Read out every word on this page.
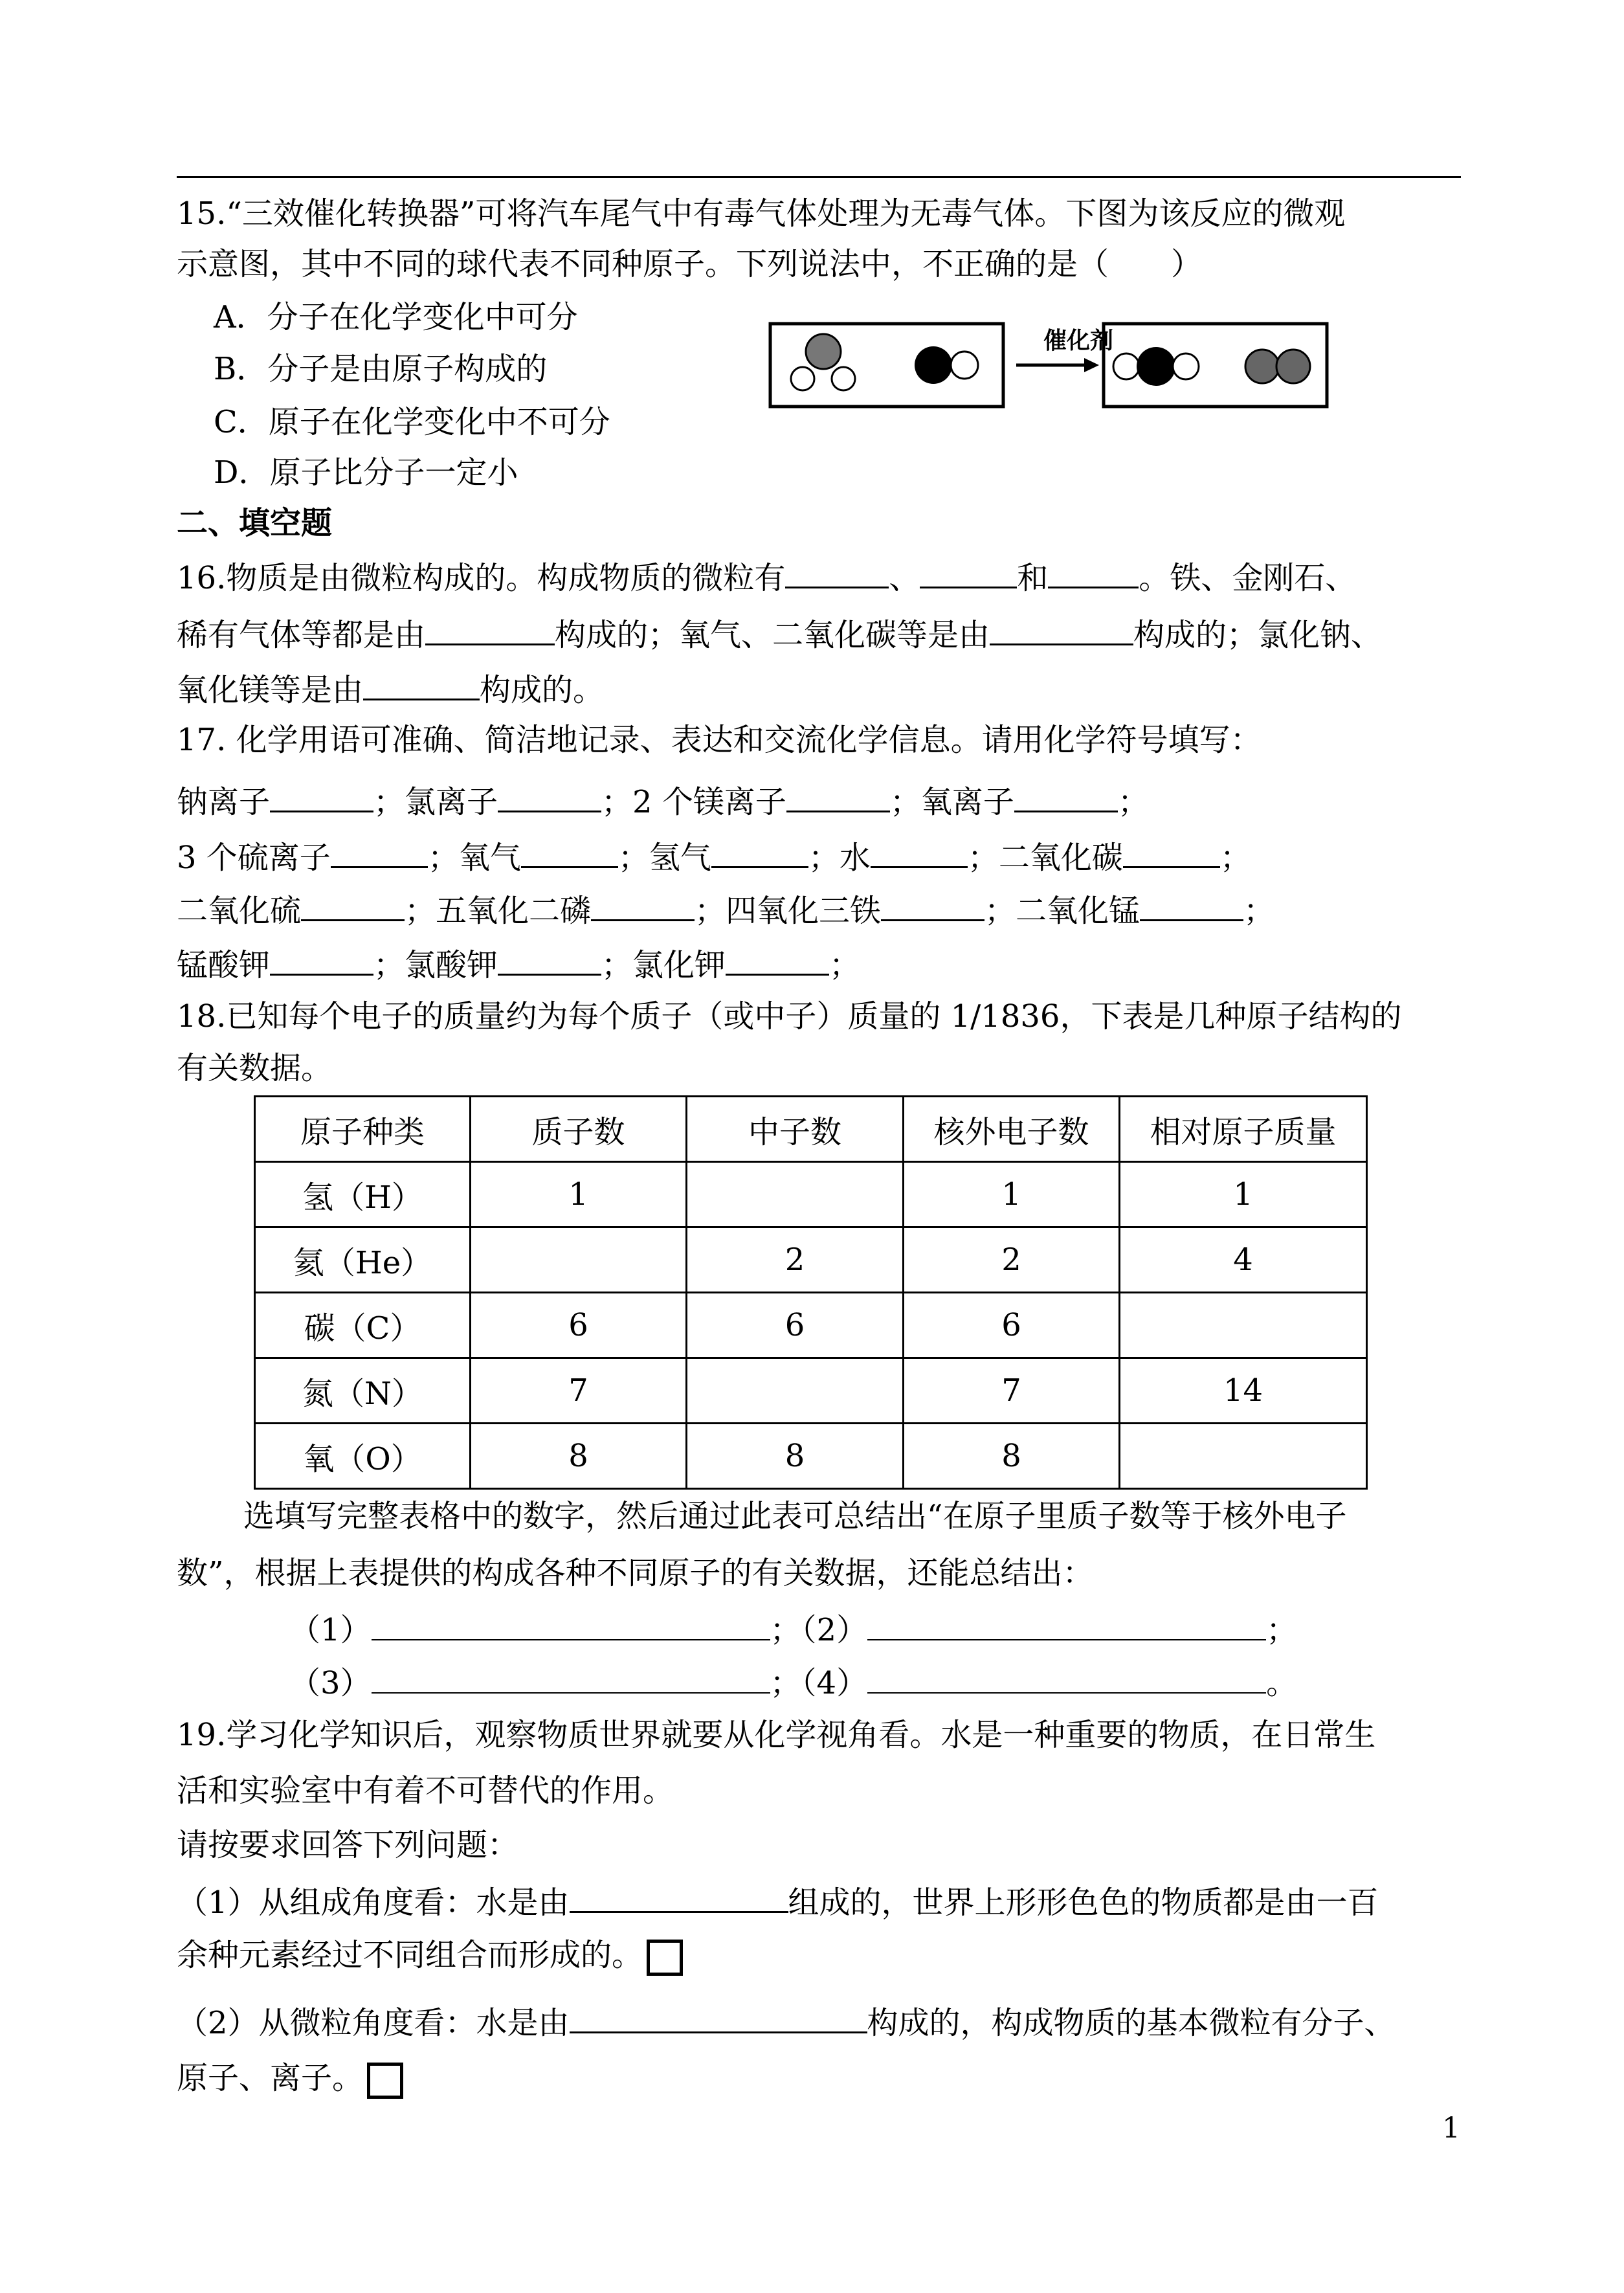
15.“三效催化转换器”可将汽车尾气中有毒气体处理为无毒气体。下图为该反应的微观
示意图，其中不同的球代表不同种原子。下列说法中，不正确的是（　　）
A．分子在化学变化中可分
B．分子是由原子构成的
C．原子在化学变化中不可分
D．原子比分子一定小
催化剂
二、填空题
16.物质是由微粒构成的。构成物质的微粒有	、	和	。铁、金刚石、
稀有气体等都是由	构成的；氧气、二氧化碳等是由	构成的；氯化钠、
氧化镁等是由	构成的。
17. 化学用语可准确、简洁地记录、表达和交流化学信息。请用化学符号填写：
钠离子	；氯离子	；2 个镁离子	；氧离子	；
3 个硫离子	；氧气	；氢气	；水	；二氧化碳	；
二氧化硫	；五氧化二磷	；四氧化三铁	；二氧化锰	；
锰酸钾	；氯酸钾	；氯化钾	；
18.已知每个电子的质量约为每个质子（或中子）质量的 1/1836，下表是几种原子结构的
有关数据。
原子种类	质子数	中子数	核外电子数	相对原子质量
氢（H）	1		1	1
氦（He）		2	2	4
碳（C）	6	6	6	
氮（N）	7		7	14
氧（O）	8	8	8	
选填写完整表格中的数字，然后通过此表可总结出“在原子里质子数等于核外电子
数”，根据上表提供的构成各种不同原子的有关数据，还能总结出：
（1）	；（2）	；
（3）	；（4）	。
19.学习化学知识后，观察物质世界就要从化学视角看。水是一种重要的物质，在日常生
活和实验室中有着不可替代的作用。
请按要求回答下列问题：
（1）从组成角度看：水是由	组成的，世界上形形色色的物质都是由一百
余种元素经过不同组合而形成的。
（2）从微粒角度看：水是由	构成的，构成物质的基本微粒有分子、
原子、离子。
1
